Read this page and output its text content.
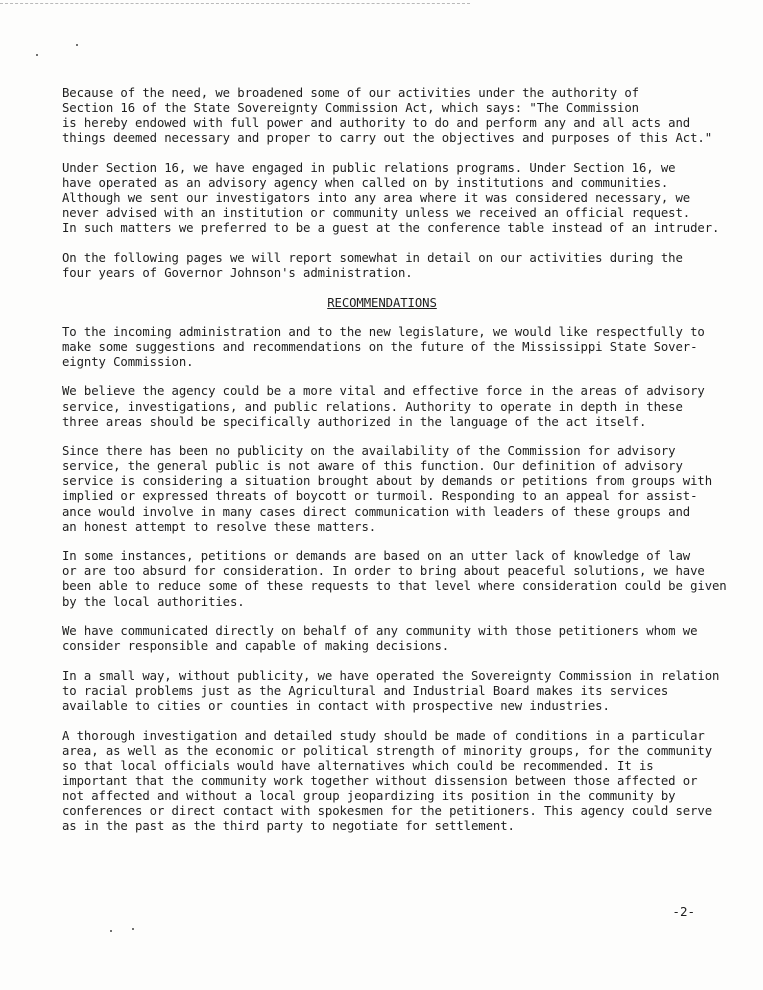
Because of the need, we broadened some of our activities under the authority of
Section 16 of the State Sovereignty Commission Act, which says: "The Commission
is hereby endowed with full power and authority to do and perform any and all acts and
things deemed necessary and proper to carry out the objectives and purposes of this Act."
Under Section 16, we have engaged in public relations programs. Under Section 16, we
have operated as an advisory agency when called on by institutions and communities.
Although we sent our investigators into any area where it was considered necessary, we
never advised with an institution or community unless we received an official request.
In such matters we preferred to be a guest at the conference table instead of an intruder.
On the following pages we will report somewhat in detail on our activities during the
four years of Governor Johnson's administration.
RECOMMENDATIONS
To the incoming administration and to the new legislature, we would like respectfully to
make some suggestions and recommendations on the future of the Mississippi State Sover-
eignty Commission.
We believe the agency could be a more vital and effective force in the areas of advisory
service, investigations, and public relations. Authority to operate in depth in these
three areas should be specifically authorized in the language of the act itself.
Since there has been no publicity on the availability of the Commission for advisory
service, the general public is not aware of this function. Our definition of advisory
service is considering a situation brought about by demands or petitions from groups with
implied or expressed threats of boycott or turmoil. Responding to an appeal for assist-
ance would involve in many cases direct communication with leaders of these groups and
an honest attempt to resolve these matters.
In some instances, petitions or demands are based on an utter lack of knowledge of law
or are too absurd for consideration. In order to bring about peaceful solutions, we have
been able to reduce some of these requests to that level where consideration could be given
by the local authorities.
We have communicated directly on behalf of any community with those petitioners whom we
consider responsible and capable of making decisions.
In a small way, without publicity, we have operated the Sovereignty Commission in relation
to racial problems just as the Agricultural and Industrial Board makes its services
available to cities or counties in contact with prospective new industries.
A thorough investigation and detailed study should be made of conditions in a particular
area, as well as the economic or political strength of minority groups, for the community
so that local officials would have alternatives which could be recommended. It is
important that the community work together without dissension between those affected or
not affected and without a local group jeopardizing its position in the community by
conferences or direct contact with spokesmen for the petitioners. This agency could serve
as in the past as the third party to negotiate for settlement.
-2-
